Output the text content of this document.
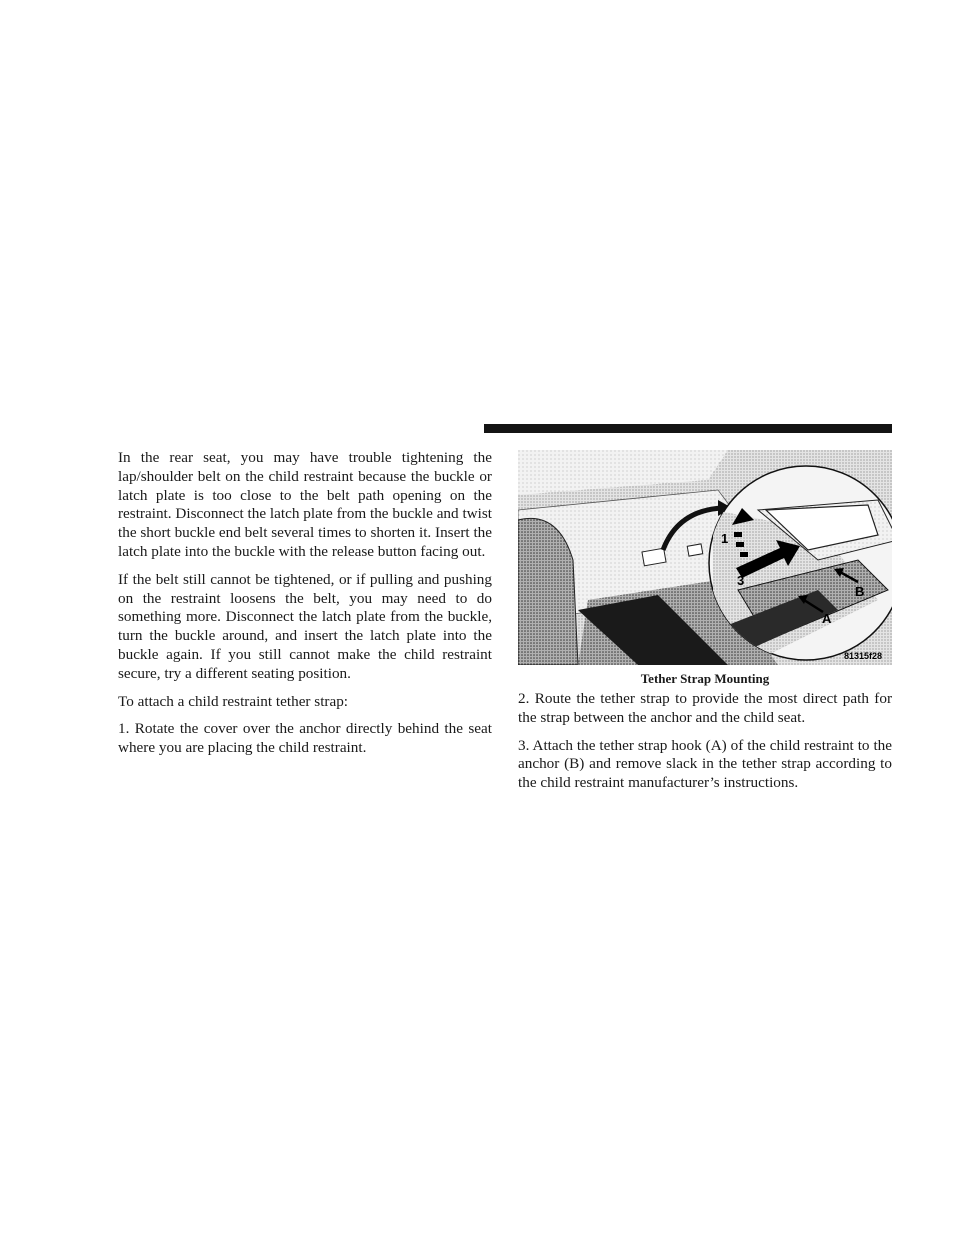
In the rear seat, you may have trouble tightening the lap/shoulder belt on the child restraint because the buckle or latch plate is too close to the belt path opening on the restraint. Disconnect the latch plate from the buckle and twist the short buckle end belt several times to shorten it. Insert the latch plate into the buckle with the release button facing out.

If the belt still cannot be tightened, or if pulling and pushing on the restraint loosens the belt, you may need to do something more. Disconnect the latch plate from the buckle, turn the buckle around, and insert the latch plate into the buckle again. If you still cannot make the child restraint secure, try a different seating position.

To attach a child restraint tether strap:

1. Rotate the cover over the anchor directly behind the seat where you are placing the child restraint.

1
3
B
A
81315f28
Tether Strap Mounting

2. Route the tether strap to provide the most direct path for the strap between the anchor and the child seat.

3. Attach the tether strap hook (A) of the child restraint to the anchor (B) and remove slack in the tether strap according to the child restraint manufacturer’s instructions.
